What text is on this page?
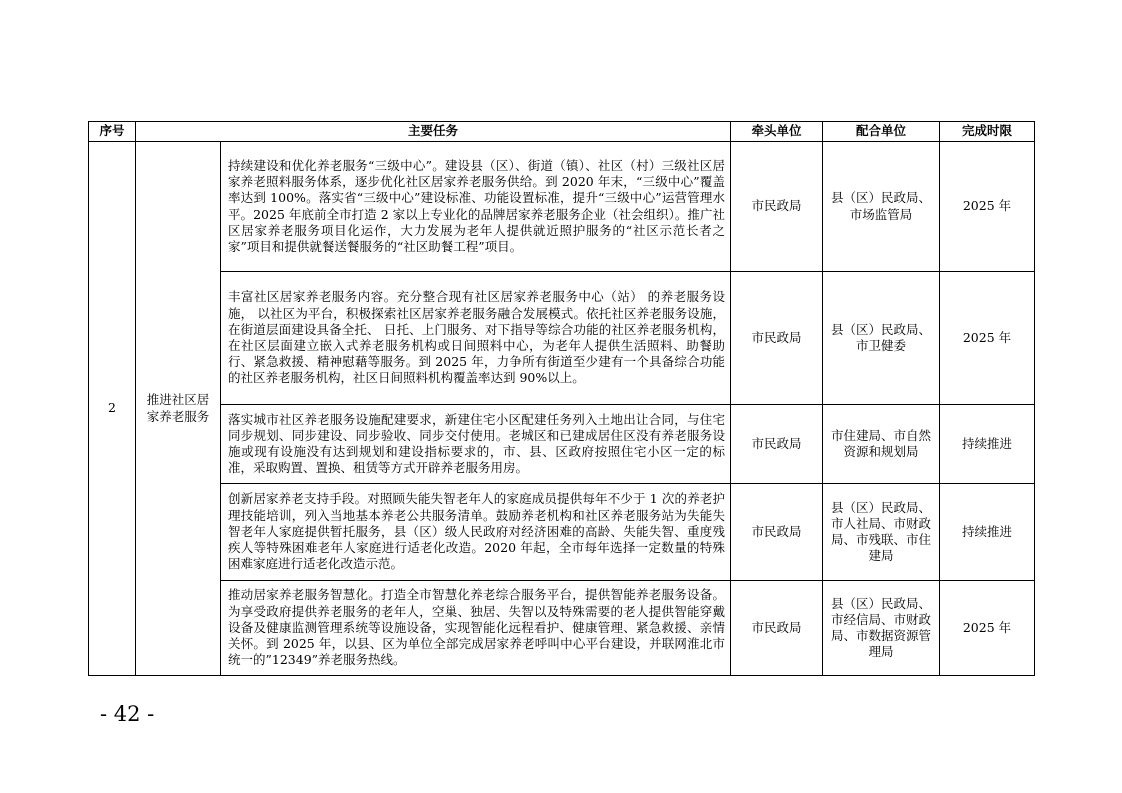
序号	主要任务		牵头单位	配合单位	完成时限
2	推进社区居家养老服务	持续建设和优化养老服务“三级中心”。建设县（区）、街道（镇）、社区（村）三级社区居家养老照料服务体系，逐步优化社区居家养老服务供给。到 2020 年末，“三级中心”覆盖率达到 100%。落实省“三级中心”建设标准、功能设置标准，提升“三级中心”运营管理水平。2025 年底前全市打造 2 家以上专业化的品牌居家养老服务企业（社会组织）。推广社区居家养老服务项目化运作，大力发展为老年人提供就近照护服务的“社区示范长者之家”项目和提供就餐送餐服务的“社区助餐工程”项目。	市民政局	县（区）民政局、市场监管局	2025 年
		丰富社区居家养老服务内容。充分整合现有社区居家养老服务中心（站） 的养老服务设施， 以社区为平台，积极探索社区居家养老服务融合发展模式。依托社区养老服务设施，在街道层面建设具备全托、 日托、上门服务、对下指导等综合功能的社区养老服务机构，在社区层面建立嵌入式养老服务机构或日间照料中心，为老年人提供生活照料、助餐助行、紧急救援、精神慰藉等服务。到 2025 年，力争所有街道至少建有一个具备综合功能的社区养老服务机构，社区日间照料机构覆盖率达到 90%以上。	市民政局	县（区）民政局、市卫健委	2025 年
		落实城市社区养老服务设施配建要求，新建住宅小区配建任务列入土地出让合同，与住宅同步规划、同步建设、同步验收、同步交付使用。老城区和已建成居住区没有养老服务设施或现有设施没有达到规划和建设指标要求的，市、县、区政府按照住宅小区一定的标准，采取购置、置换、租赁等方式开辟养老服务用房。	市民政局	市住建局、市自然资源和规划局	持续推进
		创新居家养老支持手段。对照顾失能失智老年人的家庭成员提供每年不少于 1 次的养老护理技能培训，列入当地基本养老公共服务清单。鼓励养老机构和社区养老服务站为失能失智老年人家庭提供暂托服务，县（区）级人民政府对经济困难的高龄、失能失智、重度残疾人等特殊困难老年人家庭进行适老化改造。2020 年起，全市每年选择一定数量的特殊困难家庭进行适老化改造示范。	市民政局	县（区）民政局、市人社局、市财政局、市残联、市住建局	持续推进
		推动居家养老服务智慧化。打造全市智慧化养老综合服务平台，提供智能养老服务设备。为享受政府提供养老服务的老年人，空巢、独居、失智以及特殊需要的老人提供智能穿戴设备及健康监测管理系统等设施设备，实现智能化远程看护、健康管理、紧急救援、亲情关怀。到 2025 年，以县、区为单位全部完成居家养老呼叫中心平台建设，并联网淮北市统一的”12349”养老服务热线。	市民政局	县（区）民政局、市经信局、市财政局、市数据资源管理局	2025 年
- 42 -
